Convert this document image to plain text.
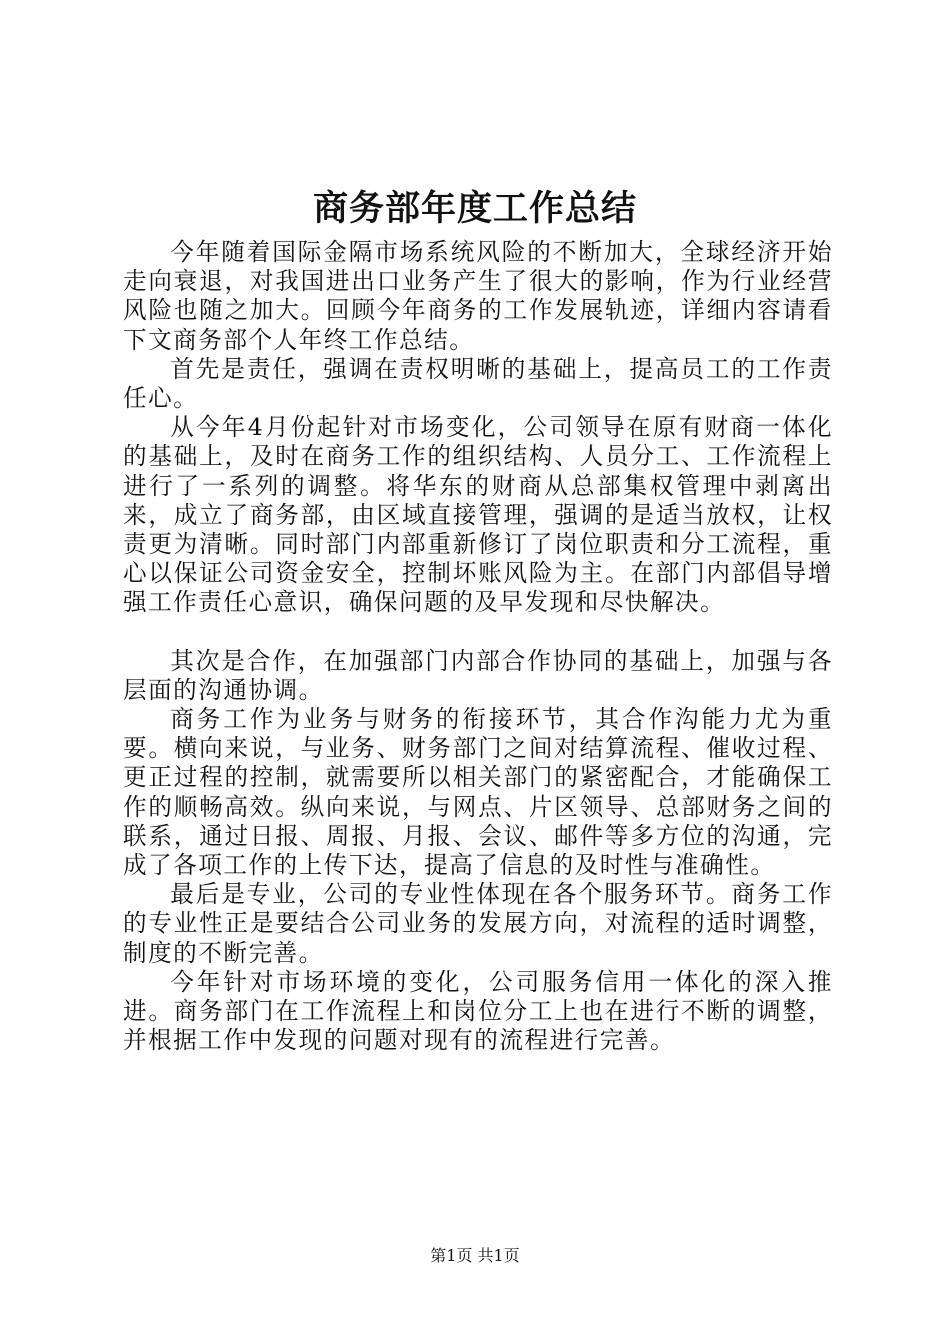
商务部年度工作总结

今年随着国际金隔市场系统风险的不断加大，全球经济开始走向衰退，对我国进出口业务产生了很大的影响，作为行业经营风险也随之加大。回顾今年商务的工作发展轨迹，详细内容请看下文商务部个人年终工作总结。

首先是责任，强调在责权明晰的基础上，提高员工的工作责任心。

从今年4月份起针对市场变化，公司领导在原有财商一体化的基础上，及时在商务工作的组织结构、人员分工、工作流程上进行了一系列的调整。将华东的财商从总部集权管理中剥离出来，成立了商务部，由区域直接管理，强调的是适当放权，让权责更为清晰。同时部门内部重新修订了岗位职责和分工流程，重心以保证公司资金安全，控制坏账风险为主。在部门内部倡导增强工作责任心意识，确保问题的及早发现和尽快解决。

其次是合作，在加强部门内部合作协同的基础上，加强与各层面的沟通协调。

商务工作为业务与财务的衔接环节，其合作沟能力尤为重要。横向来说，与业务、财务部门之间对结算流程、催收过程、更正过程的控制，就需要所以相关部门的紧密配合，才能确保工作的顺畅高效。纵向来说，与网点、片区领导、总部财务之间的联系，通过日报、周报、月报、会议、邮件等多方位的沟通，完成了各项工作的上传下达，提高了信息的及时性与准确性。

最后是专业，公司的专业性体现在各个服务环节。商务工作的专业性正是要结合公司业务的发展方向，对流程的适时调整，制度的不断完善。

今年针对市场环境的变化，公司服务信用一体化的深入推进。商务部门在工作流程上和岗位分工上也在进行不断的调整，并根据工作中发现的问题对现有的流程进行完善。

第1页 共1页
